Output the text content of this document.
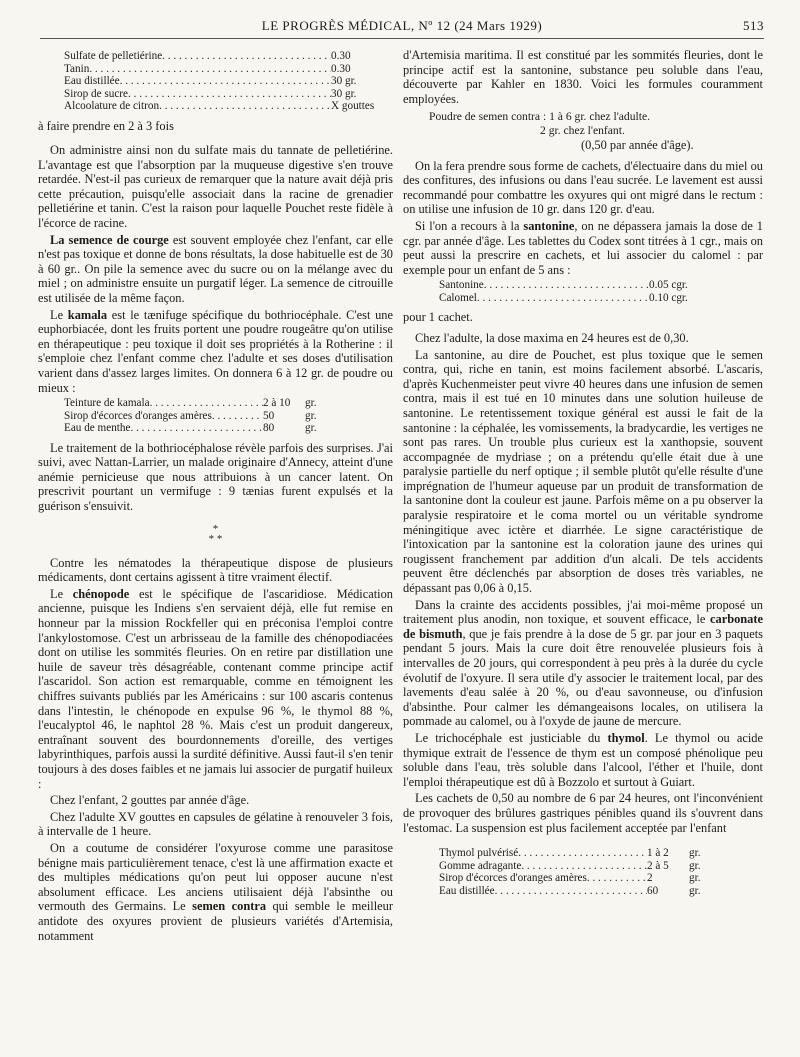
LE PROGRÈS MÉDICAL, Nº 12 (24 Mars 1929)	513
Sulfate de pelletiérine . . .	0.30
Tanin . . .	0.30
Eau distillée . . .	30 gr.
Sirop de sucre . . .	30 gr.
Alcoolature de citron . . .	X gouttes

à faire prendre en 2 à 3 fois

On administre ainsi non du sulfate mais du tannate de pelletiérine. L'avantage est que l'absorption par la muqueuse digestive s'en trouve retardée. N'est-il pas curieux de remarquer que la nature avait déjà pris cette précaution, puisqu'elle associait dans la racine de grenadier pelletiérine et tanin. C'est la raison pour laquelle Pouchet reste fidèle à l'écorce de racine.

La semence de courge est souvent employée chez l'enfant, car elle n'est pas toxique et donne de bons résultats, la dose habituelle est de 30 à 60 gr.. On pile la semence avec du sucre ou on la mélange avec du miel ; on administre ensuite un purgatif léger. La semence de citrouille est utilisée de la même façon.

Le kamala est le tænifuge spécifique du bothriocéphale. C'est une euphorbiacée, dont les fruits portent une poudre rougeâtre qu'on utilise en thérapeutique : peu toxique il doit ses propriétés à la Rotherine : il s'emploie chez l'enfant comme chez l'adulte et ses doses d'utilisation varient dans d'assez larges limites. On donnera 6 à 12 gr. de poudre ou mieux :

Teinture de kamala . . .	2 à 10 gr.
Sirop d'écorces d'oranges amères . . .	50	gr.
Eau de menthe . . .	80	gr.

Le traitement de la bothriocéphalose révèle parfois des surprises. J'ai suivi, avec Nattan-Larrier, un malade originaire d'Annecy, atteint d'une anémie pernicieuse que nous attribuions à un cancer latent. On prescrivit pourtant un vermifuge : 9 tænias furent expulsés et la guérison s'ensuivit.

*
* *

Contre les nématodes la thérapeutique dispose de plusieurs médicaments, dont certains agissent à titre vraiment électif.

Le chénopode est le spécifique de l'ascaridiose. Médication ancienne, puisque les Indiens s'en servaient déjà, elle fut remise en honneur par la mission Rockfeller qui en préconisa l'emploi contre l'ankylostomose. C'est un arbrisseau de la famille des chénopodiacées dont on utilise les sommités fleuries. On en retire par distillation une huile de saveur très désagréable, contenant comme principe actif l'ascaridol. Son action est remarquable, comme en témoignent les chiffres suivants publiés par les Américains : sur 100 ascaris contenus dans l'intestin, le chénopode en expulse 96 %, le thymol 88 %, l'eucalyptol 46, le naphtol 28 %. Mais c'est un produit dangereux, entraînant souvent des bourdonnements d'oreille, des vertiges labyrinthiques, parfois aussi la surdité définitive. Aussi faut-il s'en tenir toujours à des doses faibles et ne jamais lui associer de purgatif huileux :

Chez l'enfant, 2 gouttes par année d'âge.

Chez l'adulte XV gouttes en capsules de gélatine à renouveler 3 fois, à intervalle de 1 heure.

On a coutume de considérer l'oxyurose comme une parasitose bénigne mais particulièrement tenace, c'est là une affirmation exacte et des multiples médications qu'on peut lui opposer aucune n'est absolument efficace. Les anciens utilisaient déjà l'absinthe ou vermouth des Germains. Le semen contra qui semble le meilleur antidote des oxyures provient de plusieurs variétés d'Artemisia, notamment

d'Artemisia maritima. Il est constitué par les sommités fleuries, dont le principe actif est la santonine, substance peu soluble dans l'eau, découverte par Kahler en 1830. Voici les formules couramment employées.

Poudre de semen contra : 1 à 6 gr. chez l'adulte.
2 gr. chez l'enfant.
(0,50 par année d'âge).

On la fera prendre sous forme de cachets, d'électuaire dans du miel ou des confitures, des infusions ou dans l'eau sucrée. Le lavement est aussi recommandé pour combattre les oxyures qui ont migré dans le rectum : on utilise une infusion de 10 gr. dans 120 gr. d'eau.

Si l'on a recours à la santonine, on ne dépassera jamais la dose de 1 cgr. par année d'âge. Les tablettes du Codex sont titrées à 1 cgr., mais on peut aussi la prescrire en cachets, et lui associer du calomel : par exemple pour un enfant de 5 ans :

Santonine . . .	0.05 cgr.
Calomel . . .	0.10 cgr.

pour 1 cachet.

Chez l'adulte, la dose maxima en 24 heures est de 0,30.

La santonine, au dire de Pouchet, est plus toxique que le semen contra, qui, riche en tanin, est moins facilement absorbé. L'ascaris, d'après Kuchenmeister peut vivre 40 heures dans une infusion de semen contra, mais il est tué en 10 minutes dans une solution huileuse de santonine. Le retentissement toxique général est aussi le fait de la santonine : la céphalée, les vomissements, la bradycardie, les vertiges ne sont pas rares. Un trouble plus curieux est la xanthopsie, souvent accompagnée de mydriase ; on a prétendu qu'elle était due à une paralysie partielle du nerf optique ; il semble plutôt qu'elle résulte d'une imprégnation de l'humeur aqueuse par un produit de transformation de la santonine dont la couleur est jaune. Parfois même on a pu observer la paralysie respiratoire et le coma mortel ou un véritable syndrome méningitique avec ictère et diarrhée. Le signe caractéristique de l'intoxication par la santonine est la coloration jaune des urines qui rougissent franchement par addition d'un alcali. De tels accidents peuvent être déclenchés par absorption de doses très variables, ne dépassant pas 0,06 à 0,15.

Dans la crainte des accidents possibles, j'ai moi-même proposé un traitement plus anodin, non toxique, et souvent efficace, le carbonate de bismuth, que je fais prendre à la dose de 5 gr. par jour en 3 paquets pendant 5 jours. Mais la cure doit être renouvelée plusieurs fois à intervalles de 20 jours, qui correspondent à peu près à la durée du cycle évolutif de l'oxyure. Il sera utile d'y associer le traitement local, par des lavements d'eau salée à 20 %, ou d'eau savonneuse, ou d'infusion d'absinthe. Pour calmer les démangeaisons locales, on utilisera la pommade au calomel, ou à l'oxyde de jaune de mercure.

Le trichocéphale est justiciable du thymol. Le thymol ou acide thymique extrait de l'essence de thym est un composé phénolique peu soluble dans l'eau, très soluble dans l'alcool, l'éther et l'huile, dont l'emploi thérapeutique est dû à Bozzolo et surtout à Guiart.

Les cachets de 0,50 au nombre de 6 par 24 heures, ont l'inconvénient de provoquer des brûlures gastriques pénibles quand ils s'ouvrent dans l'estomac. La suspension est plus facilement acceptée par l'enfant

Thymol pulvérisé . . .	1 à 2 gr.
Gomme adragante . . .	2 à 5 gr.
Sirop d'écorces d'oranges amères . . .	2	gr.
Eau distillée . . .	60	gr.
